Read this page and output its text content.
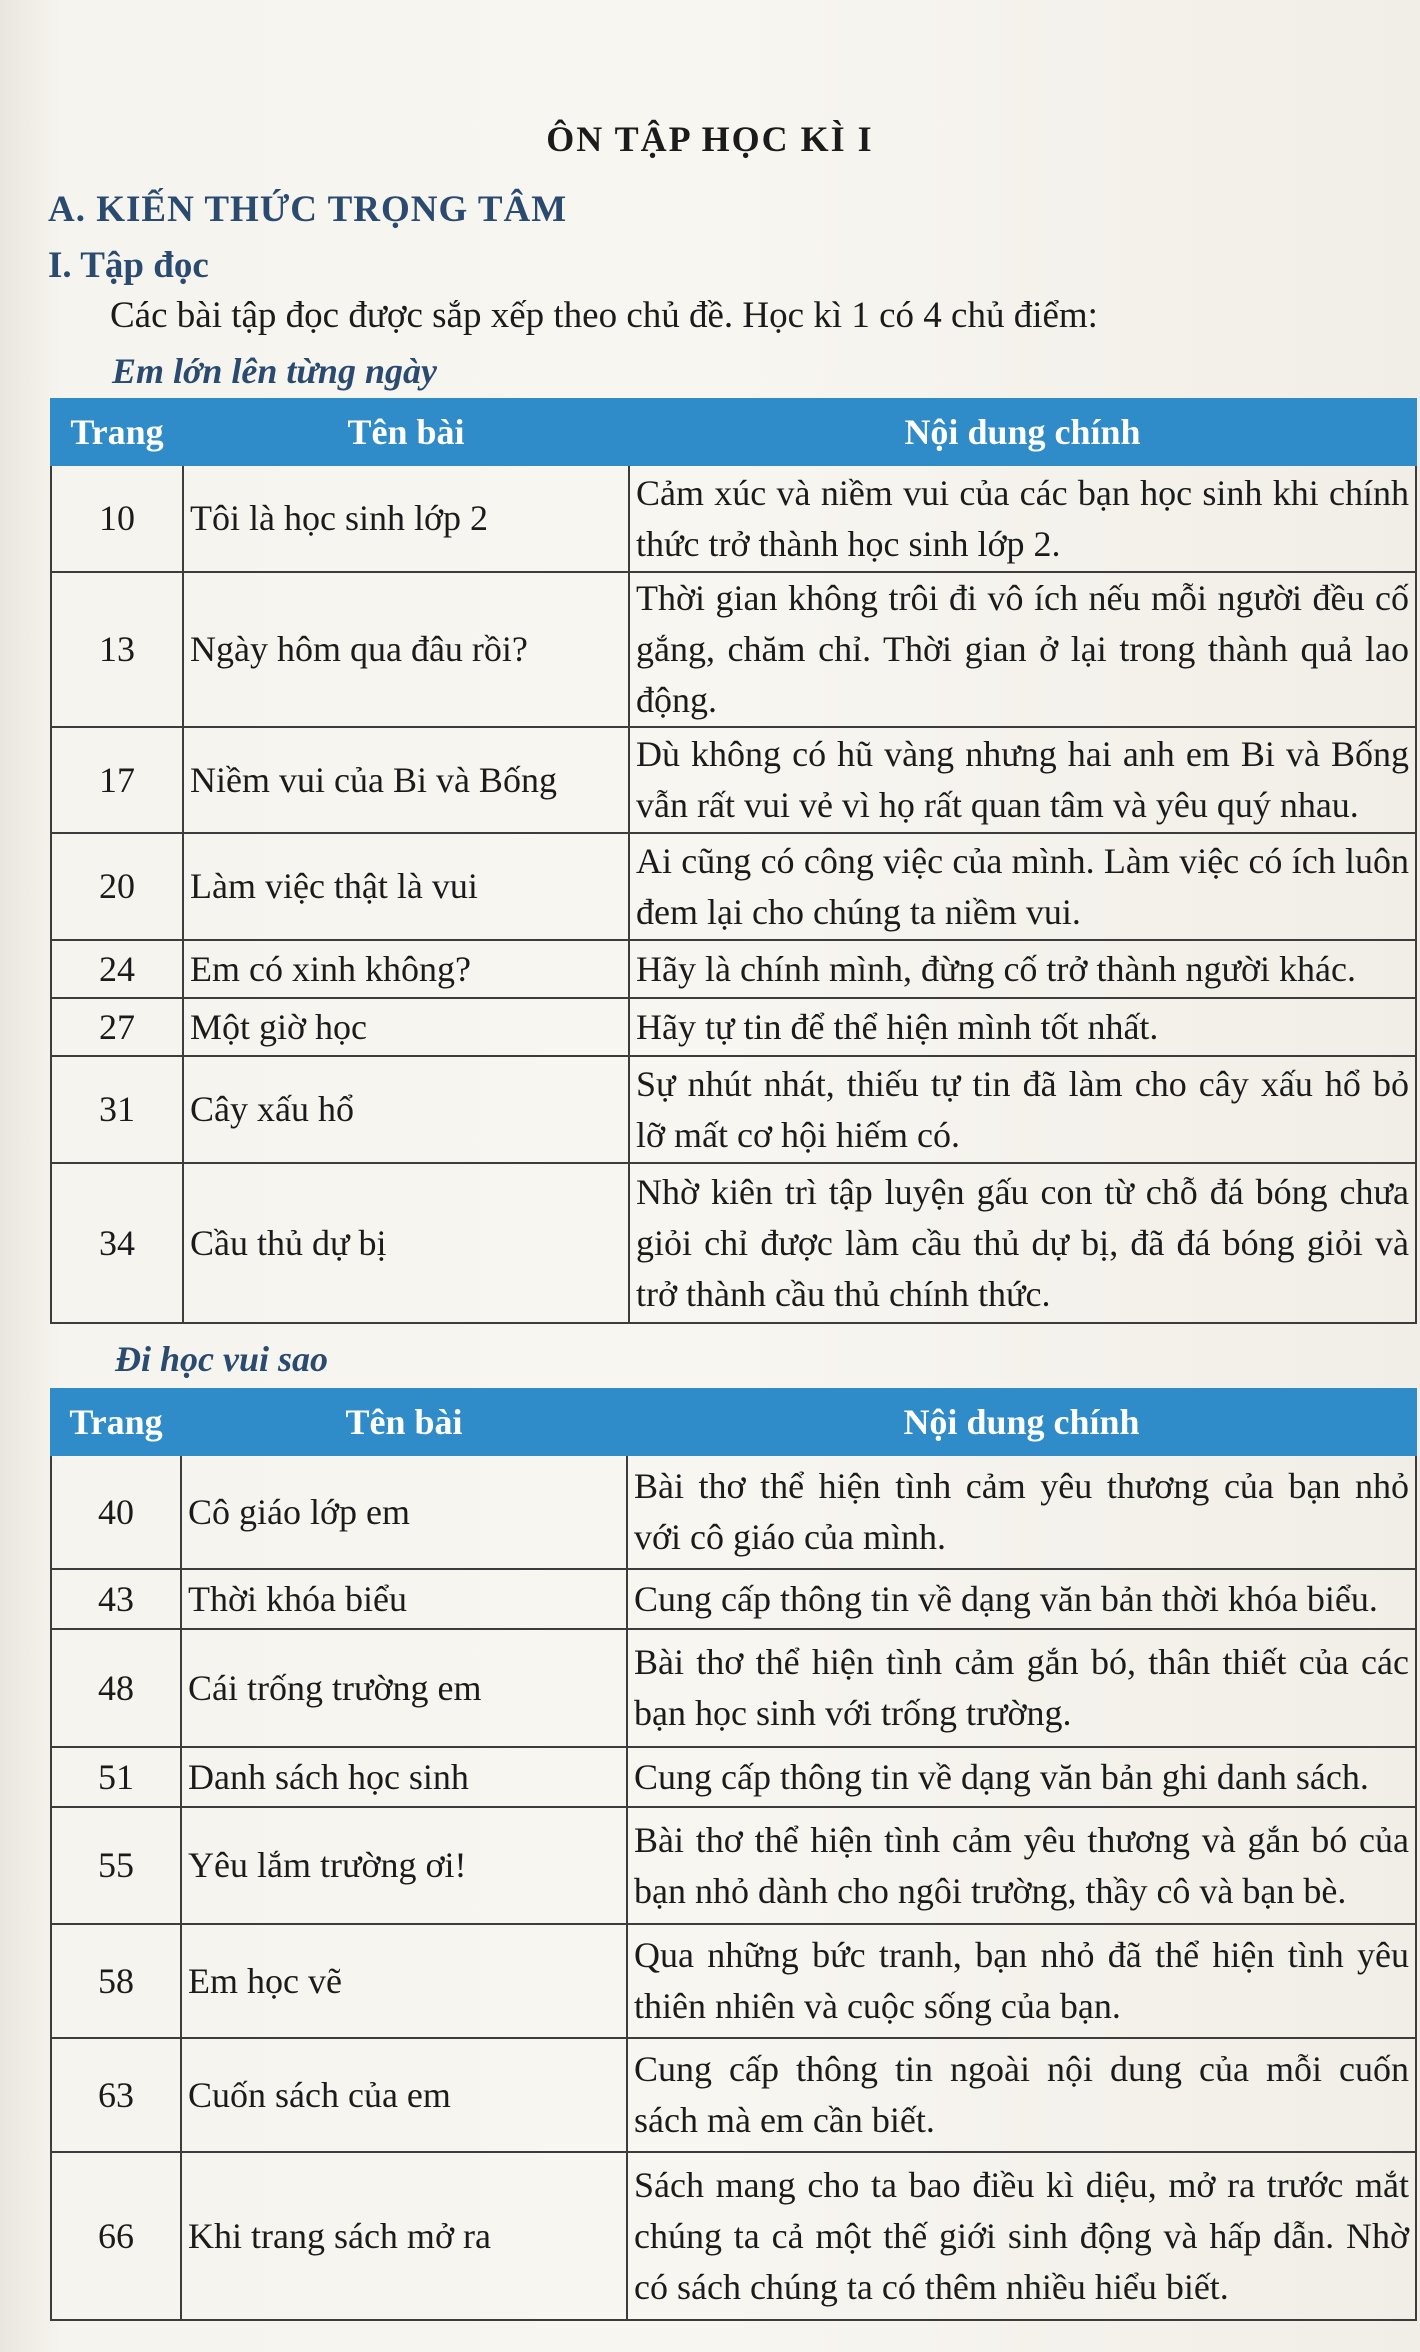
ÔN TẬP HỌC KÌ I
A. KIẾN THỨC TRỌNG TÂM
I. Tập đọc
Các bài tập đọc được sắp xếp theo chủ đề. Học kì 1 có 4 chủ điểm:
Em lớn lên từng ngày
Trang	Tên bài	Nội dung chính
10	Tôi là học sinh lớp 2	Cảm xúc và niềm vui của các bạn học sinh khi chính thức trở thành học sinh lớp 2.
13	Ngày hôm qua đâu rồi?	Thời gian không trôi đi vô ích nếu mỗi người đều cố gắng, chăm chỉ. Thời gian ở lại trong thành quả lao động.
17	Niềm vui của Bi và Bống	Dù không có hũ vàng nhưng hai anh em Bi và Bống vẫn rất vui vẻ vì họ rất quan tâm và yêu quý nhau.
20	Làm việc thật là vui	Ai cũng có công việc của mình. Làm việc có ích luôn đem lại cho chúng ta niềm vui.
24	Em có xinh không?	Hãy là chính mình, đừng cố trở thành người khác.
27	Một giờ học	Hãy tự tin để thể hiện mình tốt nhất.
31	Cây xấu hổ	Sự nhút nhát, thiếu tự tin đã làm cho cây xấu hổ bỏ lỡ mất cơ hội hiếm có.
34	Cầu thủ dự bị	Nhờ kiên trì tập luyện gấu con từ chỗ đá bóng chưa giỏi chỉ được làm cầu thủ dự bị, đã đá bóng giỏi và trở thành cầu thủ chính thức.
Đi học vui sao
Trang	Tên bài	Nội dung chính
40	Cô giáo lớp em	Bài thơ thể hiện tình cảm yêu thương của bạn nhỏ với cô giáo của mình.
43	Thời khóa biểu	Cung cấp thông tin về dạng văn bản thời khóa biểu.
48	Cái trống trường em	Bài thơ thể hiện tình cảm gắn bó, thân thiết của các bạn học sinh với trống trường.
51	Danh sách học sinh	Cung cấp thông tin về dạng văn bản ghi danh sách.
55	Yêu lắm trường ơi!	Bài thơ thể hiện tình cảm yêu thương và gắn bó của bạn nhỏ dành cho ngôi trường, thầy cô và bạn bè.
58	Em học vẽ	Qua những bức tranh, bạn nhỏ đã thể hiện tình yêu thiên nhiên và cuộc sống của bạn.
63	Cuốn sách của em	Cung cấp thông tin ngoài nội dung của mỗi cuốn sách mà em cần biết.
66	Khi trang sách mở ra	Sách mang cho ta bao điều kì diệu, mở ra trước mắt chúng ta cả một thế giới sinh động và hấp dẫn. Nhờ có sách chúng ta có thêm nhiều hiểu biết.
